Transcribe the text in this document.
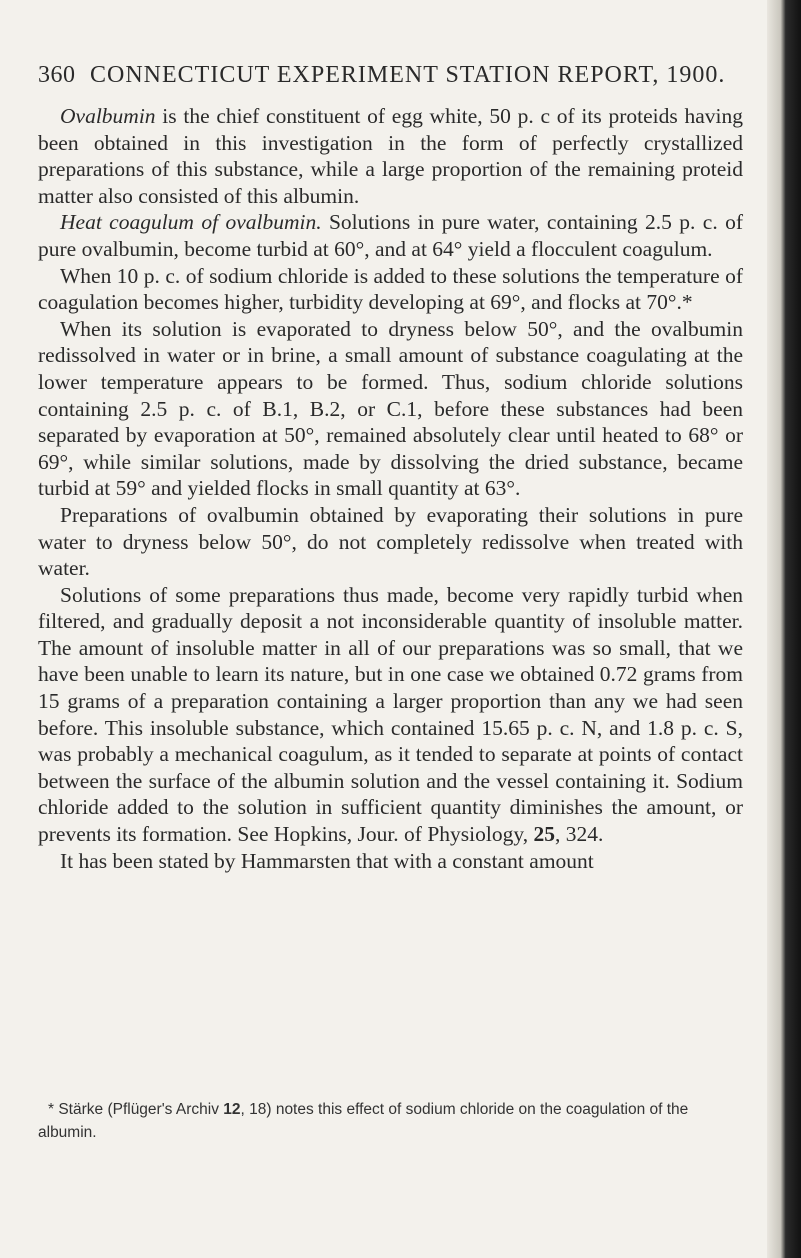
360 CONNECTICUT EXPERIMENT STATION REPORT, 1900.

Ovalbumin is the chief constituent of egg white, 50 p. c of its proteids having been obtained in this investigation in the form of perfectly crystallized preparations of this substance, while a large proportion of the remaining proteid matter also consisted of this albumin.

Heat coagulum of ovalbumin. Solutions in pure water, containing 2.5 p. c. of pure ovalbumin, become turbid at 60°, and at 64° yield a flocculent coagulum.

When 10 p. c. of sodium chloride is added to these solutions the temperature of coagulation becomes higher, turbidity developing at 69°, and flocks at 70°.*

When its solution is evaporated to dryness below 50°, and the ovalbumin redissolved in water or in brine, a small amount of substance coagulating at the lower temperature appears to be formed. Thus, sodium chloride solutions containing 2.5 p. c. of B.1, B.2, or C.1, before these substances had been separated by evaporation at 50°, remained absolutely clear until heated to 68° or 69°, while similar solutions, made by dissolving the dried substance, became turbid at 59° and yielded flocks in small quantity at 63°.

Preparations of ovalbumin obtained by evaporating their solutions in pure water to dryness below 50°, do not completely redissolve when treated with water.

Solutions of some preparations thus made, become very rapidly turbid when filtered, and gradually deposit a not inconsiderable quantity of insoluble matter. The amount of insoluble matter in all of our preparations was so small, that we have been unable to learn its nature, but in one case we obtained 0.72 grams from 15 grams of a preparation containing a larger proportion than any we had seen before. This insoluble substance, which contained 15.65 p. c. N, and 1.8 p. c. S, was probably a mechanical coagulum, as it tended to separate at points of contact between the surface of the albumin solution and the vessel containing it. Sodium chloride added to the solution in sufficient quantity diminishes the amount, or prevents its formation. See Hopkins, Jour. of Physiology, 25, 324.

It has been stated by Hammarsten that with a constant amount

* Stärke (Pflüger's Archiv 12, 18) notes this effect of sodium chloride on the coagulation of the albumin.
